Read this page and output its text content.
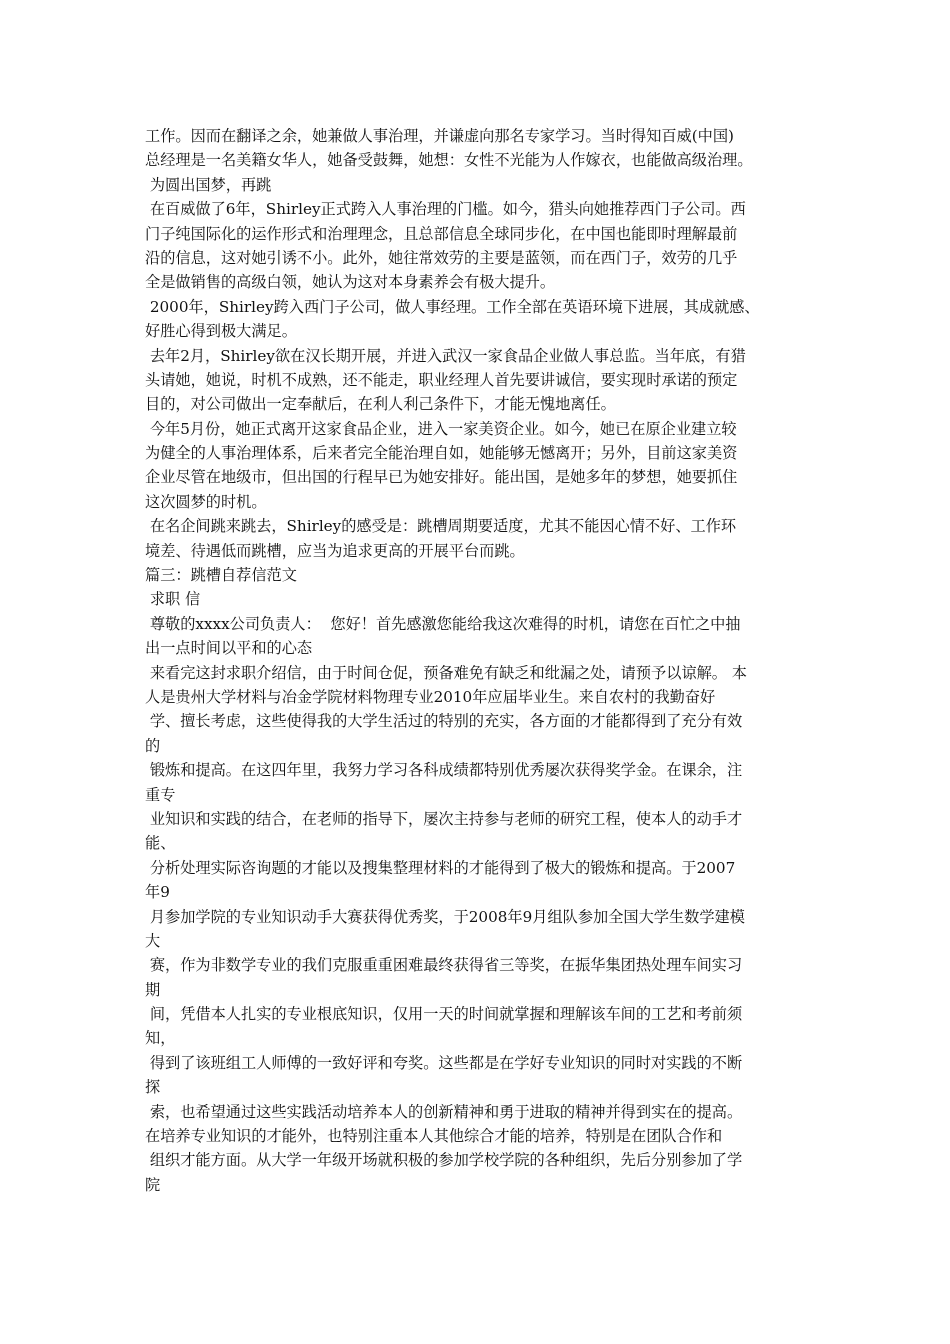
工作。因而在翻译之余，她兼做人事治理，并谦虚向那名专家学习。当时得知百威(中国)
总经理是一名美籍女华人，她备受鼓舞，她想：女性不光能为人作嫁衣，也能做高级治理。
为圆出国梦，再跳
在百威做了6年，Shirley正式跨入人事治理的门槛。如今，猎头向她推荐西门子公司。西
门子纯国际化的运作形式和治理理念，且总部信息全球同步化，在中国也能即时理解最前
沿的信息，这对她引诱不小。此外，她往常效劳的主要是蓝领，而在西门子，效劳的几乎
全是做销售的高级白领，她认为这对本身素养会有极大提升。
2000年，Shirley跨入西门子公司，做人事经理。工作全部在英语环境下进展，其成就感、
好胜心得到极大满足。
去年2月，Shirley欲在汉长期开展，并进入武汉一家食品企业做人事总监。当年底，有猎
头请她，她说，时机不成熟，还不能走，职业经理人首先要讲诚信，要实现时承诺的预定
目的，对公司做出一定奉献后，在利人利己条件下，才能无愧地离任。
今年5月份，她正式离开这家食品企业，进入一家美资企业。如今，她已在原企业建立较
为健全的人事治理体系，后来者完全能治理自如，她能够无憾离开；另外，目前这家美资
企业尽管在地级市，但出国的行程早已为她安排好。能出国，是她多年的梦想，她要抓住
这次圆梦的时机。
在名企间跳来跳去，Shirley的感受是：跳槽周期要适度，尤其不能因心情不好、工作环
境差、待遇低而跳槽，应当为追求更高的开展平台而跳。
篇三：跳槽自荐信范文
求职 信
尊敬的xxxx公司负责人：  您好！首先感激您能给我这次难得的时机，请您在百忙之中抽
出一点时间以平和的心态
来看完这封求职介绍信，由于时间仓促，预备难免有缺乏和纰漏之处，请预予以谅解。 本
人是贵州大学材料与冶金学院材料物理专业2010年应届毕业生。来自农村的我勤奋好
学、擅长考虑，这些使得我的大学生活过的特别的充实，各方面的才能都得到了充分有效
的
锻炼和提高。在这四年里，我努力学习各科成绩都特别优秀屡次获得奖学金。在课余，注
重专
业知识和实践的结合，在老师的指导下，屡次主持参与老师的研究工程，使本人的动手才
能、
分析处理实际咨询题的才能以及搜集整理材料的才能得到了极大的锻炼和提高。于2007
年9
月参加学院的专业知识动手大赛获得优秀奖，于2008年9月组队参加全国大学生数学建模
大
赛，作为非数学专业的我们克服重重困难最终获得省三等奖，在振华集团热处理车间实习
期
间，凭借本人扎实的专业根底知识，仅用一天的时间就掌握和理解该车间的工艺和考前须
知，
得到了该班组工人师傅的一致好评和夸奖。这些都是在学好专业知识的同时对实践的不断
探
索，也希望通过这些实践活动培养本人的创新精神和勇于进取的精神并得到实在的提高。
在培养专业知识的才能外，也特别注重本人其他综合才能的培养，特别是在团队合作和
组织才能方面。从大学一年级开场就积极的参加学校学院的各种组织，先后分别参加了学
院
